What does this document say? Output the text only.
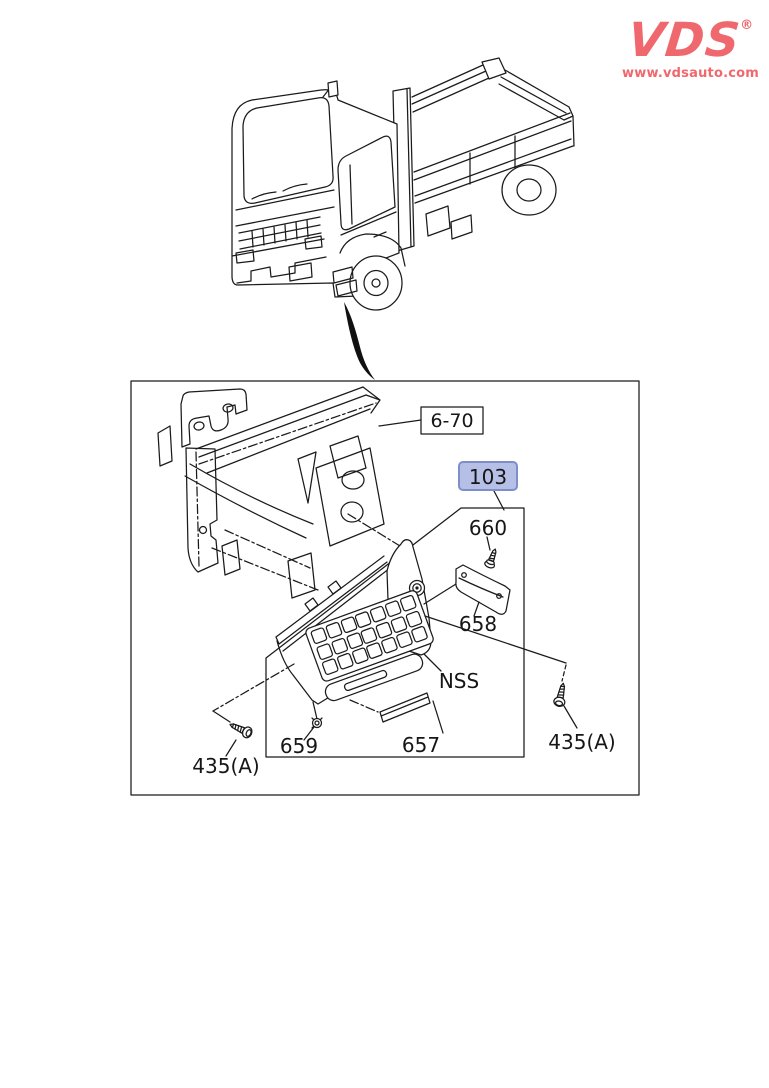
VDS®
www.vdsauto.com
6-70
103
660
658
NSS
657
659
435(A)
435(A)
